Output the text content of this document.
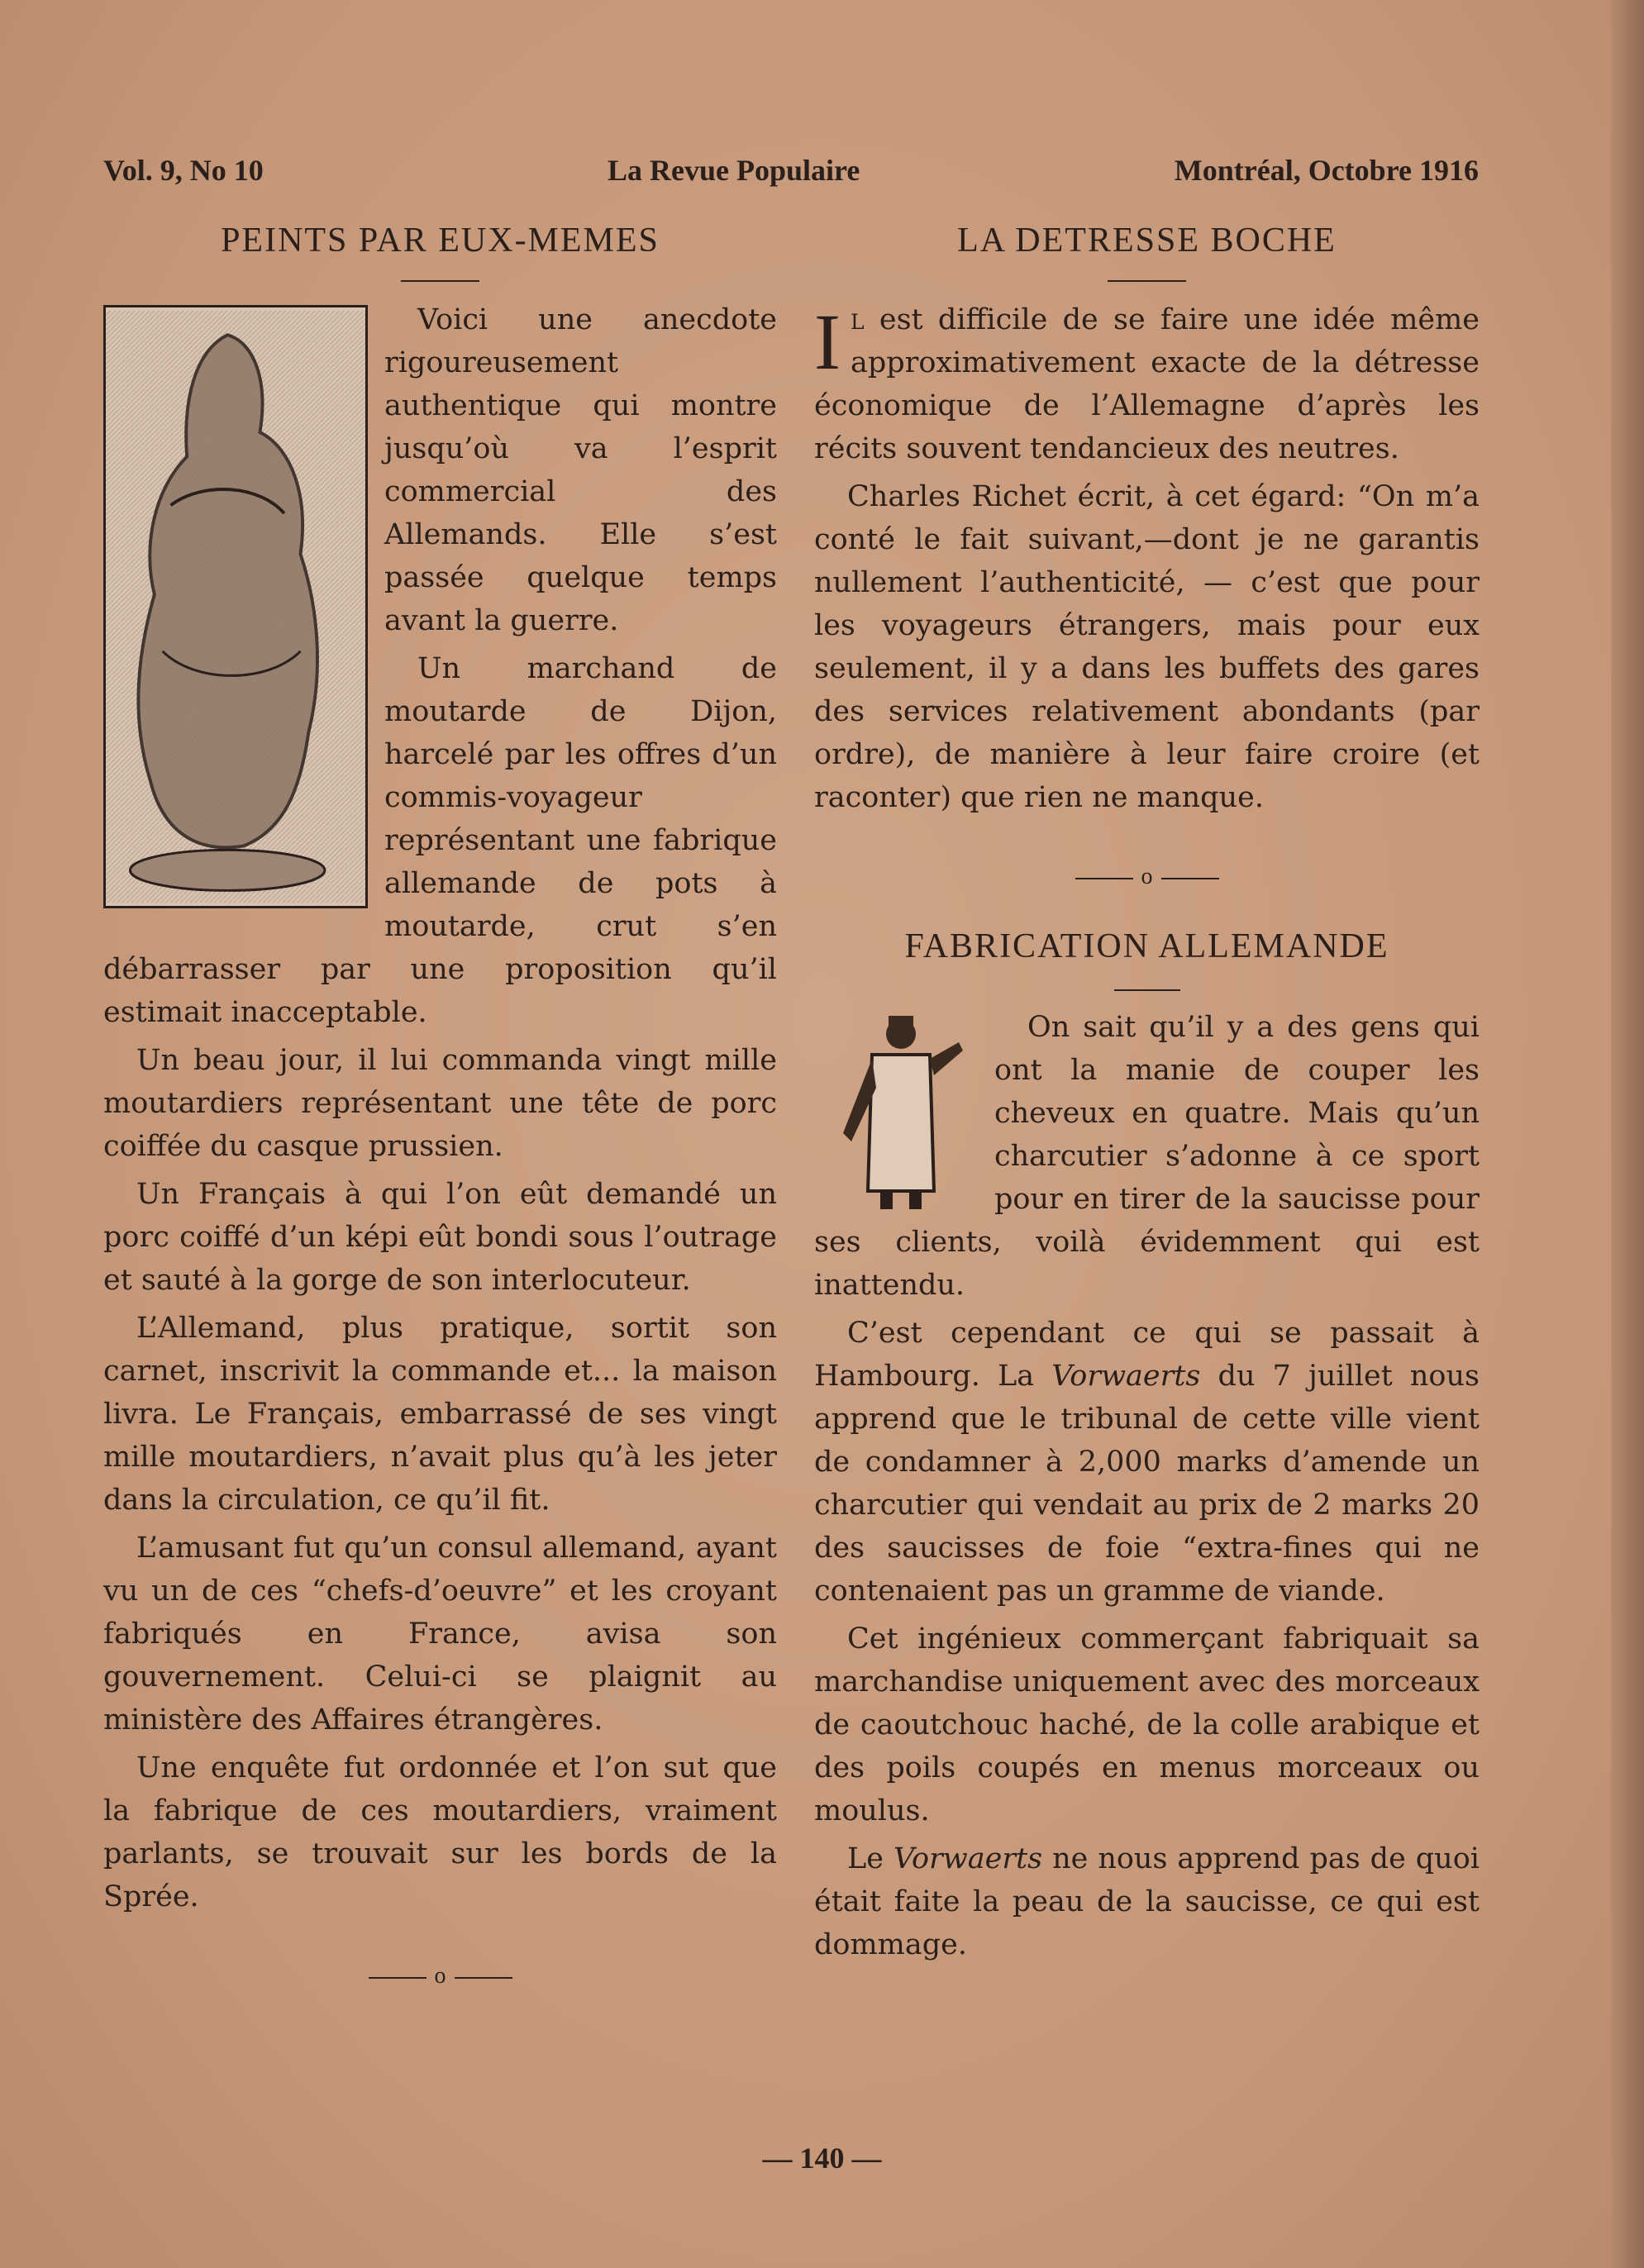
Vol. 9, No 10	La Revue Populaire	Montréal, Octobre 1916
PEINTS PAR EUX-MEMES

Voici une anecdote rigoureusement authentique qui montre jusqu’où va l’esprit commercial des Allemands. Elle s’est passée quelque temps avant la guerre.

Un marchand de moutarde de Dijon, harcelé par les offres d’un commis-voyageur représentant une fabrique allemande de pots à moutarde, crut s’en débarrasser par une proposition qu’il estimait inacceptable.

Un beau jour, il lui commanda vingt mille moutardiers représentant une tête de porc coiffée du casque prussien.

Un Français à qui l’on eût demandé un porc coiffé d’un képi eût bondi sous l’outrage et sauté à la gorge de son interlocuteur.

L’Allemand, plus pratique, sortit son carnet, inscrivit la commande et... la maison livra. Le Français, embarrassé de ses vingt mille moutardiers, n’avait plus qu’à les jeter dans la circulation, ce qu’il fit.

L’amusant fut qu’un consul allemand, ayant vu un de ces “chefs-d’oeuvre” et les croyant fabriqués en France, avisa son gouvernement. Celui-ci se plaignit au ministère des Affaires étrangères.

Une enquête fut ordonnée et l’on sut que la fabrique de ces moutardiers, vraiment parlants, se trouvait sur les bords de la Sprée.

o
LA DETRESSE BOCHE

Il est difficile de se faire une idée même approximativement exacte de la détresse économique de l’Allemagne d’après les récits souvent tendancieux des neutres.

Charles Richet écrit, à cet égard: “On m’a conté le fait suivant,—dont je ne garantis nullement l’authenticité, — c’est que pour les voyageurs étrangers, mais pour eux seulement, il y a dans les buffets des gares des services relativement abondants (par ordre), de manière à leur faire croire (et raconter) que rien ne manque.

o
FABRICATION ALLEMANDE

On sait qu’il y a des gens qui ont la manie de couper les cheveux en quatre. Mais qu’un charcutier s’adonne à ce sport pour en tirer de la saucisse pour ses clients, voilà évidemment qui est inattendu.

C’est cependant ce qui se passait à Hambourg. La Vorwaerts du 7 juillet nous apprend que le tribunal de cette ville vient de condamner à 2,000 marks d’amende un charcutier qui vendait au prix de 2 marks 20 des saucisses de foie “extra-fines qui ne contenaient pas un gramme de viande.

Cet ingénieux commerçant fabriquait sa marchandise uniquement avec des morceaux de caoutchouc haché, de la colle arabique et des poils coupés en menus morceaux ou moulus.

Le Vorwaerts ne nous apprend pas de quoi était faite la peau de la saucisse, ce qui est dommage.

— 140 —
